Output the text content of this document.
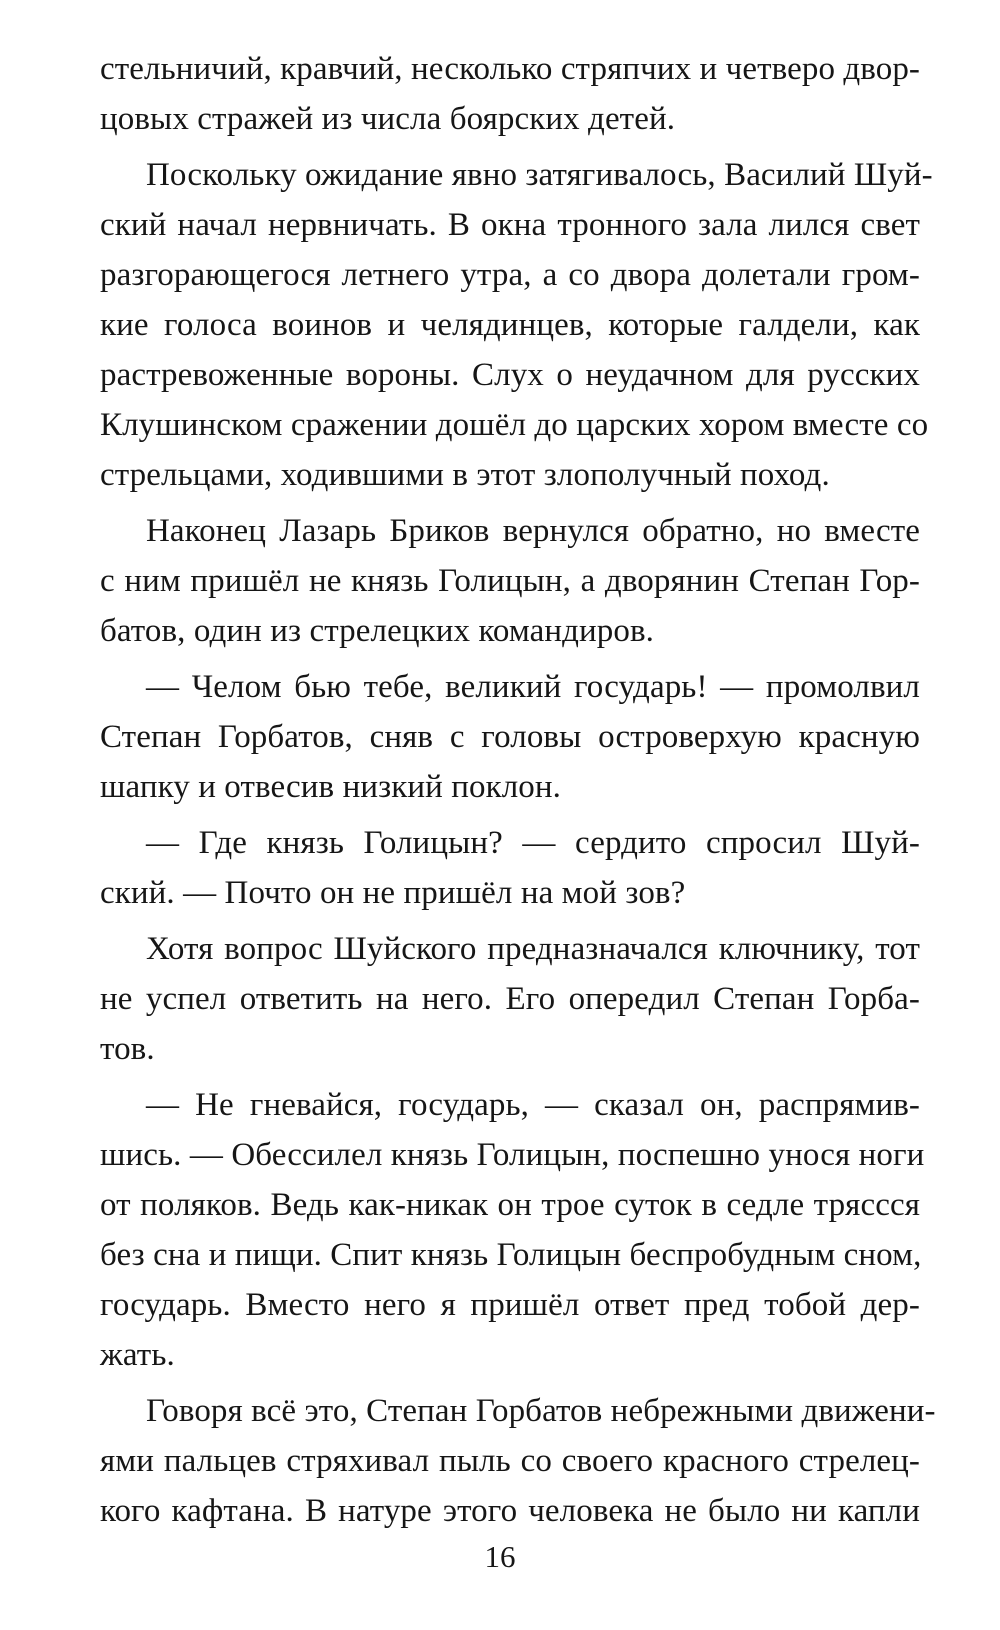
стельничий, кравчий, несколько стряпчих и четверо двор-
цовых стражей из числа боярских детей.
Поскольку ожидание явно затягивалось, Василий Шуй-
ский начал нервничать. В окна тронного зала лился свет
разгорающегося летнего утра, а со двора долетали гром-
кие голоса воинов и челядинцев, которые галдели, как
растревоженные вороны. Слух о неудачном для русских
Клушинском сражении дошёл до царских хором вместе со
стрельцами, ходившими в этот злополучный поход.
Наконец Лазарь Бриков вернулся обратно, но вместе
с ним пришёл не князь Голицын, а дворянин Степан Гор-
батов, один из стрелецких командиров.
— Челом бью тебе, великий государь! — промолвил
Степан Горбатов, сняв с головы островерхую красную
шапку и отвесив низкий поклон.
— Где князь Голицын? — сердито спросил Шуй-
ский. — Почто он не пришёл на мой зов?
Хотя вопрос Шуйского предназначался ключнику, тот
не успел ответить на него. Его опередил Степан Горба-
тов.
— Не гневайся, государь, — сказал он, распрямив-
шись. — Обессилел князь Голицын, поспешно унося ноги
от поляков. Ведь как-никак он трое суток в седле тряссся
без сна и пищи. Спит князь Голицын беспробудным сном,
государь. Вместо него я пришёл ответ пред тобой дер-
жать.
Говоря всё это, Степан Горбатов небрежными движени-
ями пальцев стряхивал пыль со своего красного стрелец-
кого кафтана. В натуре этого человека не было ни капли
16
